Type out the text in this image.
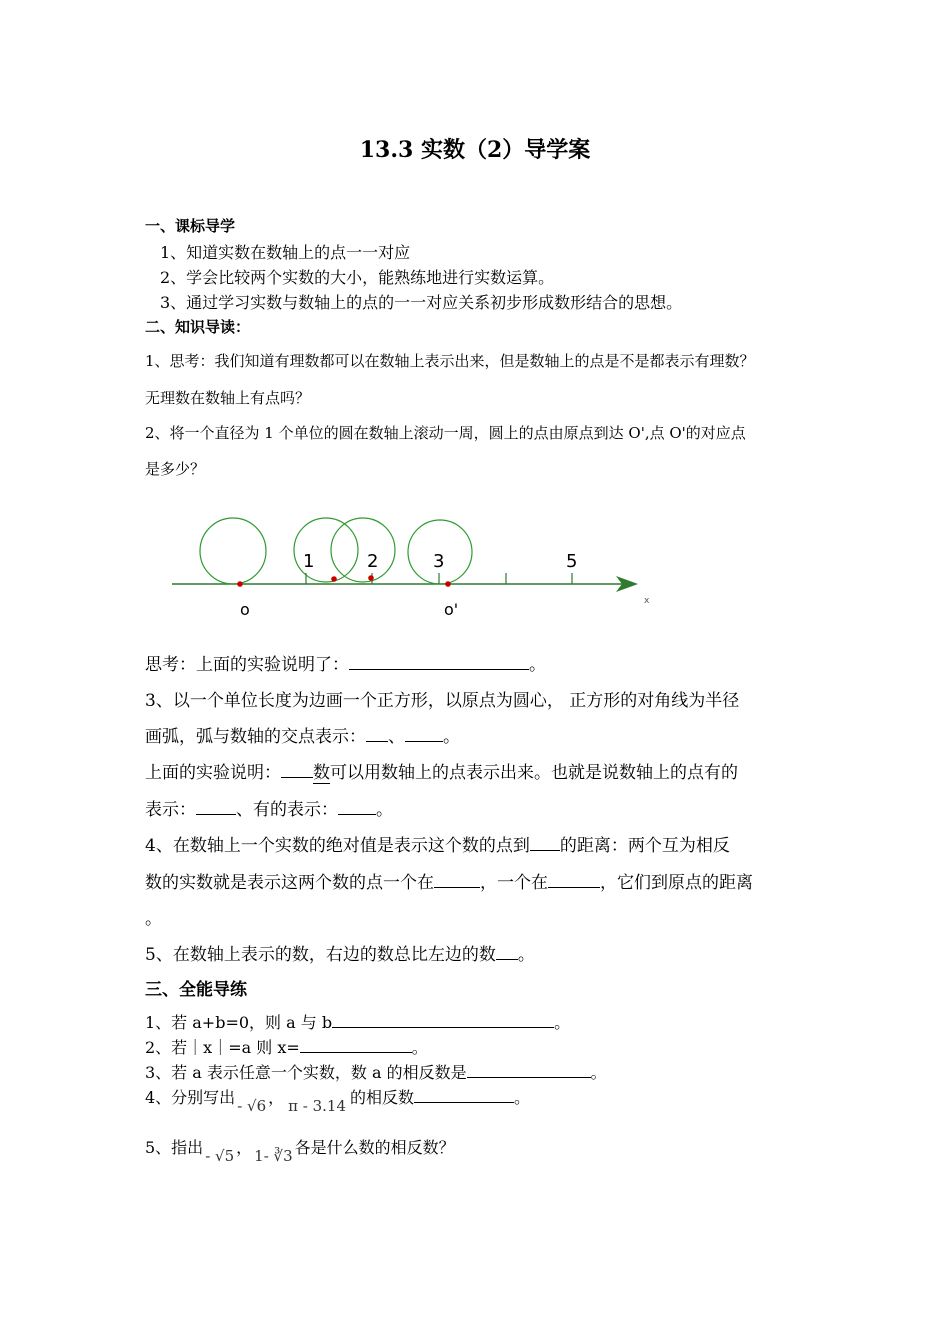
13.3 实数（2）导学案
一、课标导学
1、知道实数在数轴上的点一一对应
2、学会比较两个实数的大小，能熟练地进行实数运算。
3、通过学习实数与数轴上的点的一一对应关系初步形成数形结合的思想。
二、知识导读：
1、思考：我们知道有理数都可以在数轴上表示出来，但是数轴上的点是不是都表示有理数？
无理数在数轴上有点吗？
2、将一个直径为 1 个单位的圆在数轴上滚动一周，圆上的点由原点到达 O',点 O'的对应点
是多少？
1	2	3	5
o	o'	x
思考：上面的实验说明了：	。
3、以一个单位长度为边画一个正方形，以原点为圆心， 正方形的对角线为半径
画弧，弧与数轴的交点表示： 、 。
上面的实验说明： 数可以用数轴上的点表示出来。也就是说数轴上的点有的
表示： 、有的表示： 。
4、在数轴上一个实数的绝对值是表示这个数的点到 的距离：两个互为相反
数的实数就是表示这两个数的点一个在	，一个在	，它们到原点的距离
。
5、在数轴上表示的数，右边的数总比左边的数 。
三、全能导练
1、若 a+b=0，则 a 与 b	。
2、若｜x｜=a 则 x=	。
3、若 a 表示任意一个实数，数 a 的相反数是	。
4、分别写出 - √6 ， π - 3.14 的相反数	。
5、指出 - √5 ， 1- ∛3 各是什么数的相反数？
